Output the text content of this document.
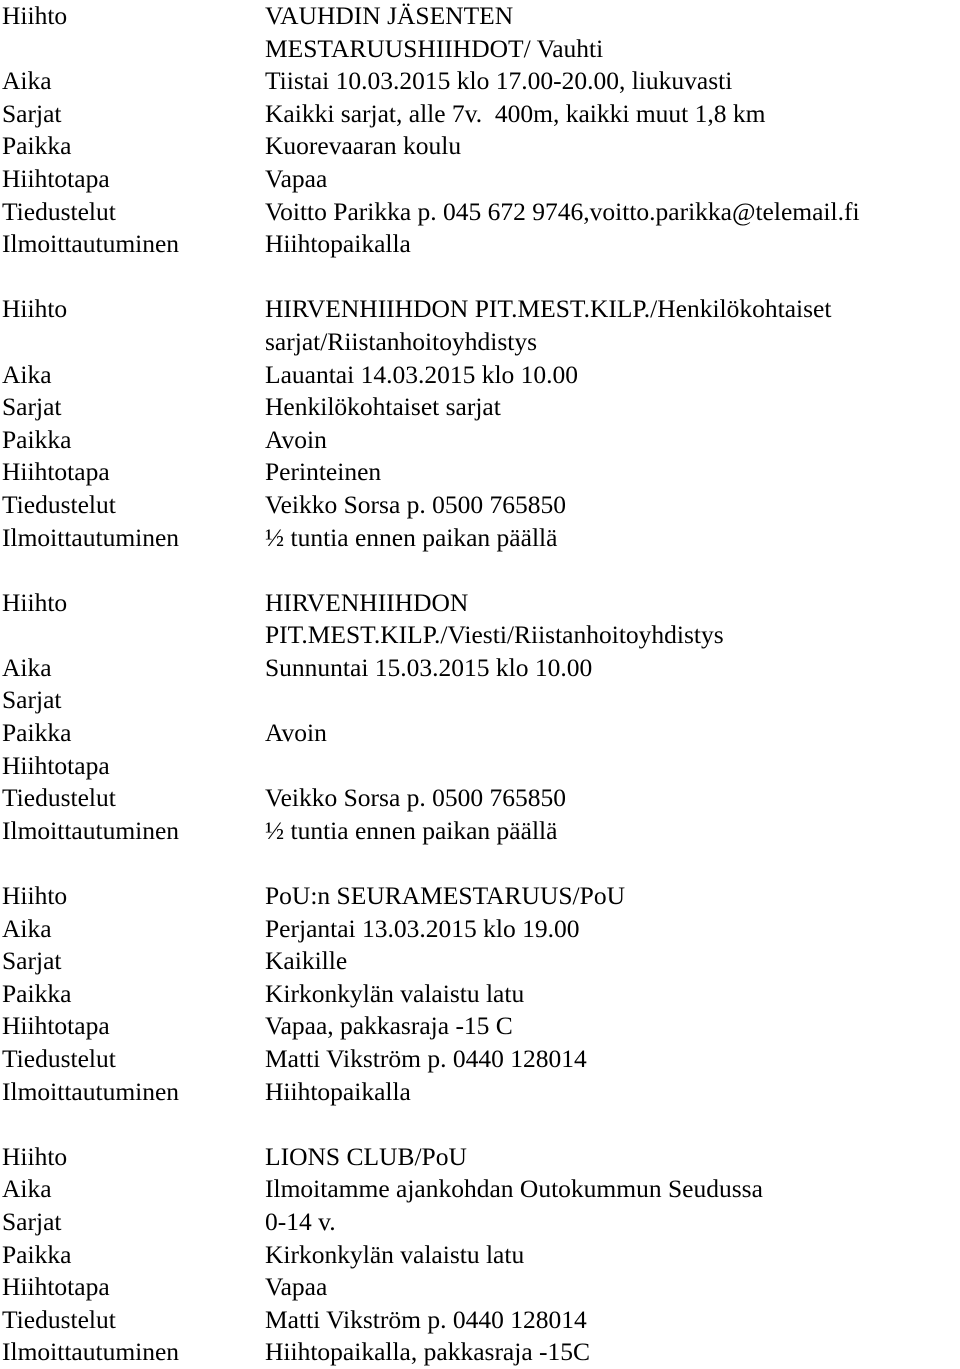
Hiihto	VAUHDIN JÄSENTEN MESTARUUSHIIHDOT/ Vauhti
Aika	Tiistai 10.03.2015 klo 17.00-20.00, liukuvasti
Sarjat	Kaikki sarjat, alle 7v.  400m, kaikki muut 1,8 km
Paikka	Kuorevaaran koulu
Hiihtotapa	Vapaa
Tiedustelut	Voitto Parikka p. 045 672 9746,voitto.parikka@telemail.fi
Ilmoittautuminen	Hiihtopaikalla
Hiihto	HIRVENHIIHDON PIT.MEST.KILP./Henkilökohtaiset sarjat/Riistanhoitoyhdistys
Aika	Lauantai 14.03.2015 klo 10.00
Sarjat	Henkilökohtaiset sarjat
Paikka	Avoin
Hiihtotapa	Perinteinen
Tiedustelut	Veikko Sorsa p. 0500 765850
Ilmoittautuminen	½ tuntia ennen paikan päällä
Hiihto	HIRVENHIIHDON PIT.MEST.KILP./Viesti/Riistanhoitoyhdistys
Aika	Sunnuntai 15.03.2015 klo 10.00
Sarjat
Paikka	Avoin
Hiihtotapa
Tiedustelut	Veikko Sorsa p. 0500 765850
Ilmoittautuminen	½ tuntia ennen paikan päällä
Hiihto	PoU:n SEURAMESTARUUS/PoU
Aika	Perjantai 13.03.2015 klo 19.00
Sarjat	Kaikille
Paikka	Kirkonkylän valaistu latu
Hiihtotapa	Vapaa, pakkasraja -15 C
Tiedustelut	Matti Vikström p. 0440 128014
Ilmoittautuminen	Hiihtopaikalla
Hiihto	LIONS CLUB/PoU
Aika	Ilmoitamme ajankohdan Outokummun Seudussa
Sarjat	0-14 v.
Paikka	Kirkonkylän valaistu latu
Hiihtotapa	Vapaa
Tiedustelut	Matti Vikström p. 0440 128014
Ilmoittautuminen	Hiihtopaikalla, pakkasraja -15C
